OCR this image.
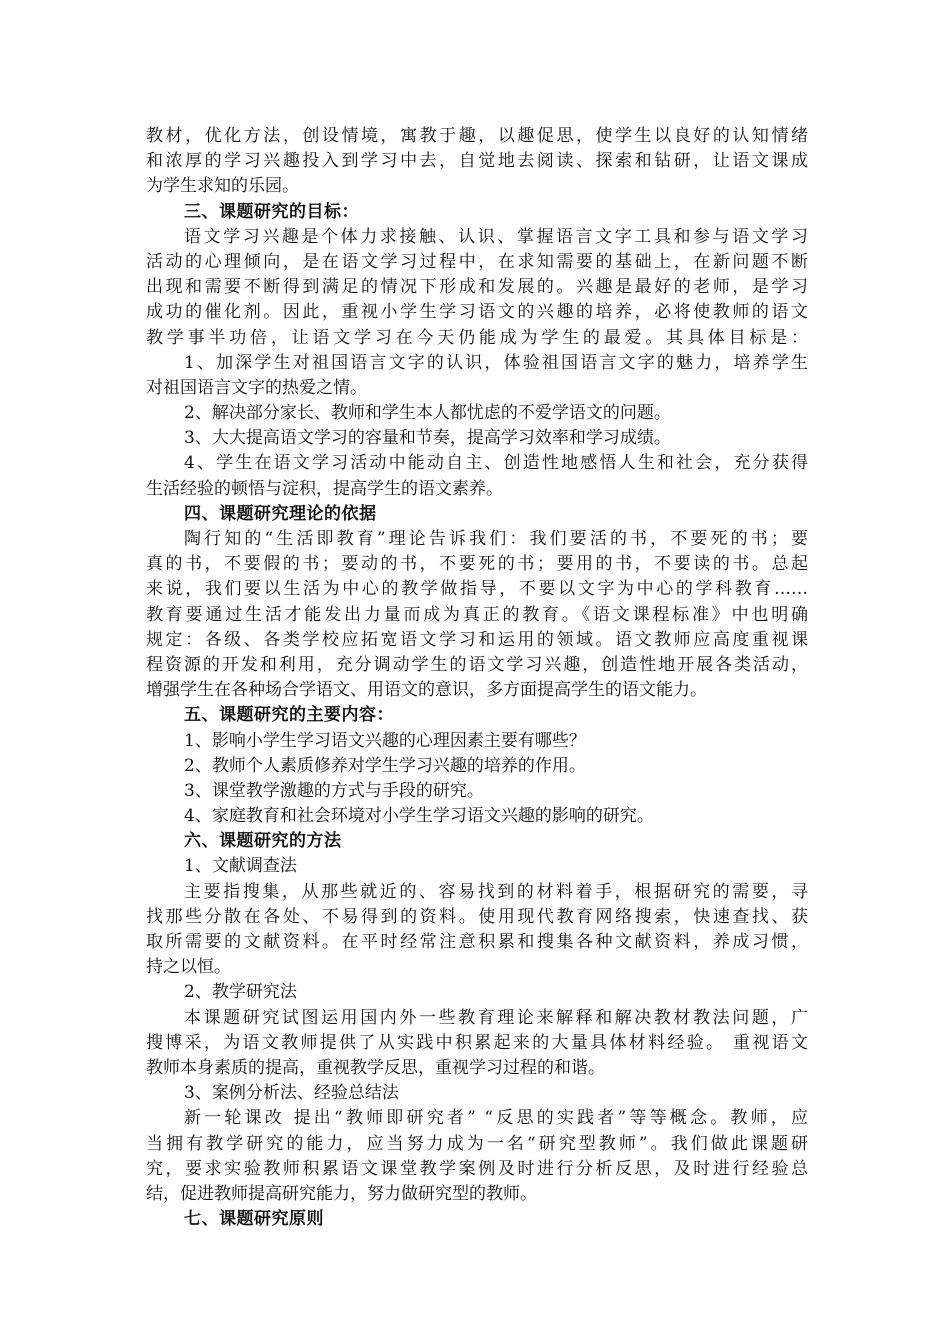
教材，优化方法，创设情境，寓教于趣，以趣促思，使学生以良好的认知情绪
和浓厚的学习兴趣投入到学习中去，自觉地去阅读、探索和钻研，让语文课成
为学生求知的乐园。
三、课题研究的目标：
语文学习兴趣是个体力求接触、认识、掌握语言文字工具和参与语文学习
活动的心理倾向，是在语文学习过程中，在求知需要的基础上，在新问题不断
出现和需要不断得到满足的情况下形成和发展的。兴趣是最好的老师，是学习
成功的催化剂。因此，重视小学生学习语文的兴趣的培养，必将使教师的语文
教学事半功倍，让语文学习在今天仍能成为学生的最爱。其具体目标是：
1、加深学生对祖国语言文字的认识，体验祖国语言文字的魅力，培养学生
对祖国语言文字的热爱之情。
2、解决部分家长、教师和学生本人都忧虑的不爱学语文的问题。
3、大大提高语文学习的容量和节奏，提高学习效率和学习成绩。
4、学生在语文学习活动中能动自主、创造性地感悟人生和社会，充分获得
生活经验的顿悟与淀积，提高学生的语文素养。
四、课题研究理论的依据
陶行知的“生活即教育”理论告诉我们：我们要活的书，不要死的书；要
真的书，不要假的书；要动的书，不要死的书；要用的书，不要读的书。总起
来说，我们要以生活为中心的教学做指导，不要以文字为中心的学科教育……
教育要通过生活才能发出力量而成为真正的教育。《语文课程标准》中也明确
规定：各级、各类学校应拓宽语文学习和运用的领域。语文教师应高度重视课
程资源的开发和利用，充分调动学生的语文学习兴趣，创造性地开展各类活动，
增强学生在各种场合学语文、用语文的意识，多方面提高学生的语文能力。
五、课题研究的主要内容：
1、影响小学生学习语文兴趣的心理因素主要有哪些？
2、教师个人素质修养对学生学习兴趣的培养的作用。
3、课堂教学激趣的方式与手段的研究。
4、家庭教育和社会环境对小学生学习语文兴趣的影响的研究。
六、课题研究的方法
1、文献调查法
主要指搜集，从那些就近的、容易找到的材料着手，根据研究的需要，寻
找那些分散在各处、不易得到的资料。使用现代教育网络搜索，快速查找、获
取所需要的文献资料。在平时经常注意积累和搜集各种文献资料，养成习惯，
持之以恒。
2、教学研究法
本课题研究试图运用国内外一些教育理论来解释和解决教材教法问题，广
搜博采，为语文教师提供了从实践中积累起来的大量具体材料经验。 重视语文
教师本身素质的提高，重视教学反思，重视学习过程的和谐。
3、案例分析法、经验总结法
新一轮课改 提出“教师即研究者” “反思的实践者”等等概念。教师，应
当拥有教学研究的能力，应当努力成为一名“研究型教师”。我们做此课题研
究，要求实验教师积累语文课堂教学案例及时进行分析反思，及时进行经验总
结，促进教师提高研究能力，努力做研究型的教师。
七、课题研究原则
